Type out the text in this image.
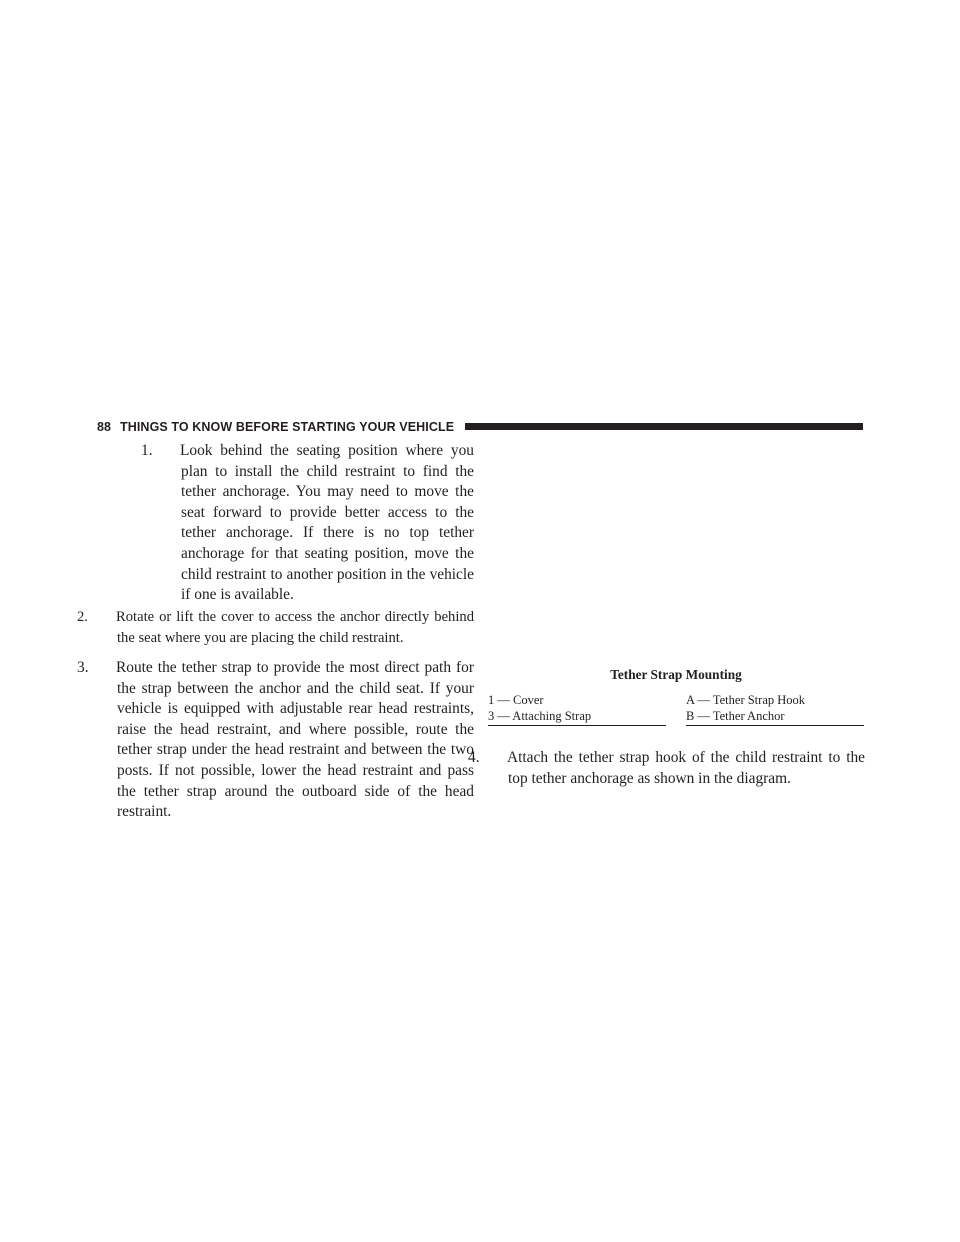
88 THINGS TO KNOW BEFORE STARTING YOUR VEHICLE
1. Look behind the seating position where you plan to install the child restraint to find the tether anchorage. You may need to move the seat forward to provide better access to the tether anchorage. If there is no top tether anchorage for that seating position, move the child restraint to another position in the vehicle if one is available.
2. Rotate or lift the cover to access the anchor directly behind the seat where you are placing the child restraint.
3. Route the tether strap to provide the most direct path for the strap between the anchor and the child seat. If your vehicle is equipped with adjustable rear head restraints, raise the head restraint, and where possible, route the tether strap under the head restraint and between the two posts. If not possible, lower the head restraint and pass the tether strap around the outboard side of the head restraint.
Tether Strap Mounting
1 — Cover
3 — Attaching Strap
A — Tether Strap Hook
B — Tether Anchor
4. Attach the tether strap hook of the child restraint to the top tether anchorage as shown in the diagram.
